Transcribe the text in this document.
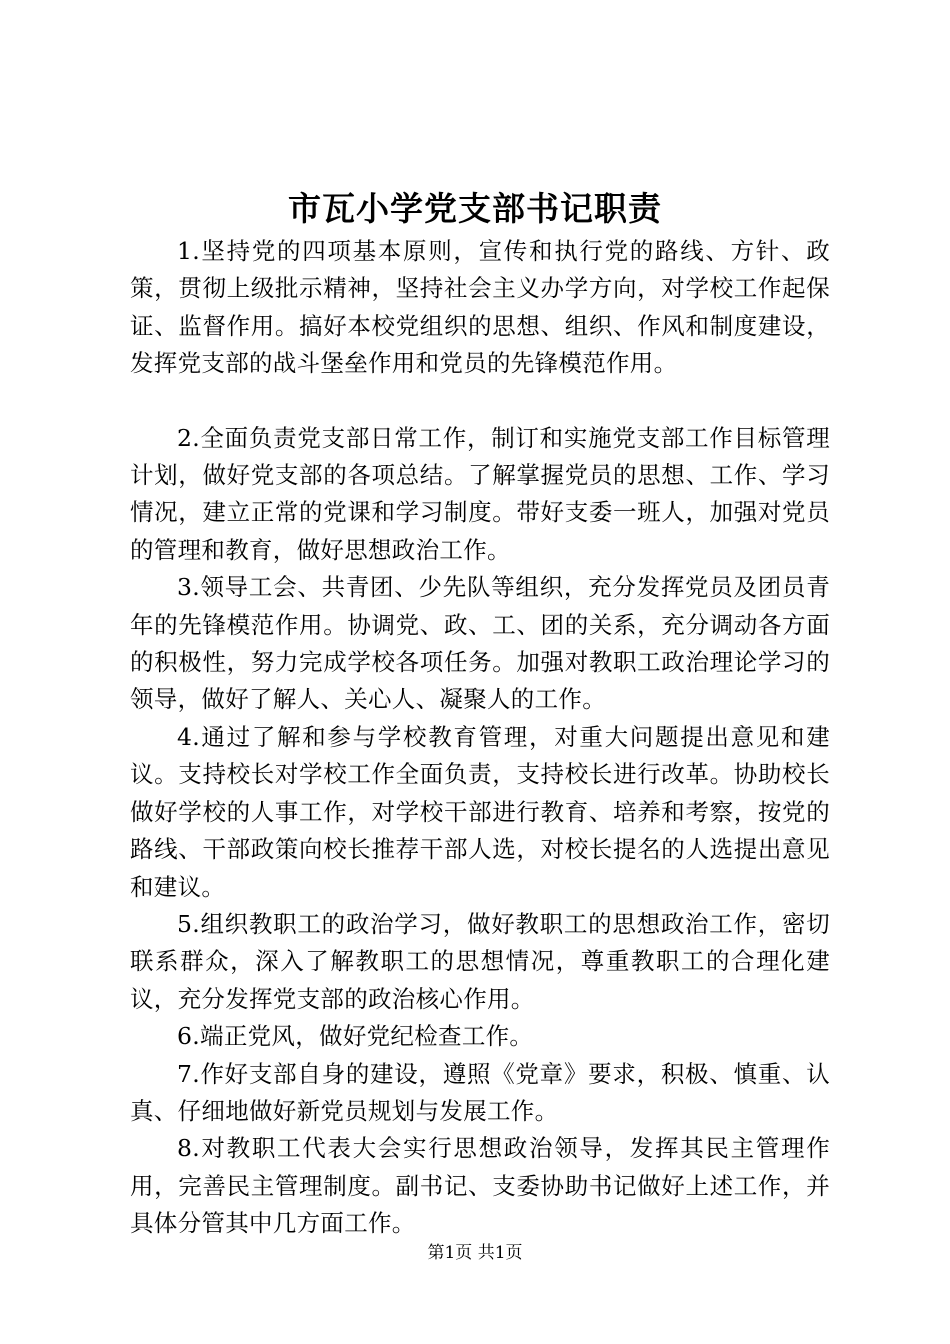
市瓦小学党支部书记职责

1.坚持党的四项基本原则，宣传和执行党的路线、方针、政策，贯彻上级批示精神，坚持社会主义办学方向，对学校工作起保证、监督作用。搞好本校党组织的思想、组织、作风和制度建设，发挥党支部的战斗堡垒作用和党员的先锋模范作用。

2.全面负责党支部日常工作，制订和实施党支部工作目标管理计划，做好党支部的各项总结。了解掌握党员的思想、工作、学习情况，建立正常的党课和学习制度。带好支委一班人，加强对党员的管理和教育，做好思想政治工作。

3.领导工会、共青团、少先队等组织，充分发挥党员及团员青年的先锋模范作用。协调党、政、工、团的关系，充分调动各方面的积极性，努力完成学校各项任务。加强对教职工政治理论学习的领导，做好了解人、关心人、凝聚人的工作。

4.通过了解和参与学校教育管理，对重大问题提出意见和建议。支持校长对学校工作全面负责，支持校长进行改革。协助校长做好学校的人事工作，对学校干部进行教育、培养和考察，按党的路线、干部政策向校长推荐干部人选，对校长提名的人选提出意见和建议。

5.组织教职工的政治学习，做好教职工的思想政治工作，密切联系群众，深入了解教职工的思想情况，尊重教职工的合理化建议，充分发挥党支部的政治核心作用。

6.端正党风，做好党纪检查工作。

7.作好支部自身的建设，遵照《党章》要求，积极、慎重、认真、仔细地做好新党员规划与发展工作。

8.对教职工代表大会实行思想政治领导，发挥其民主管理作用，完善民主管理制度。副书记、支委协助书记做好上述工作，并具体分管其中几方面工作。

第1页 共1页
